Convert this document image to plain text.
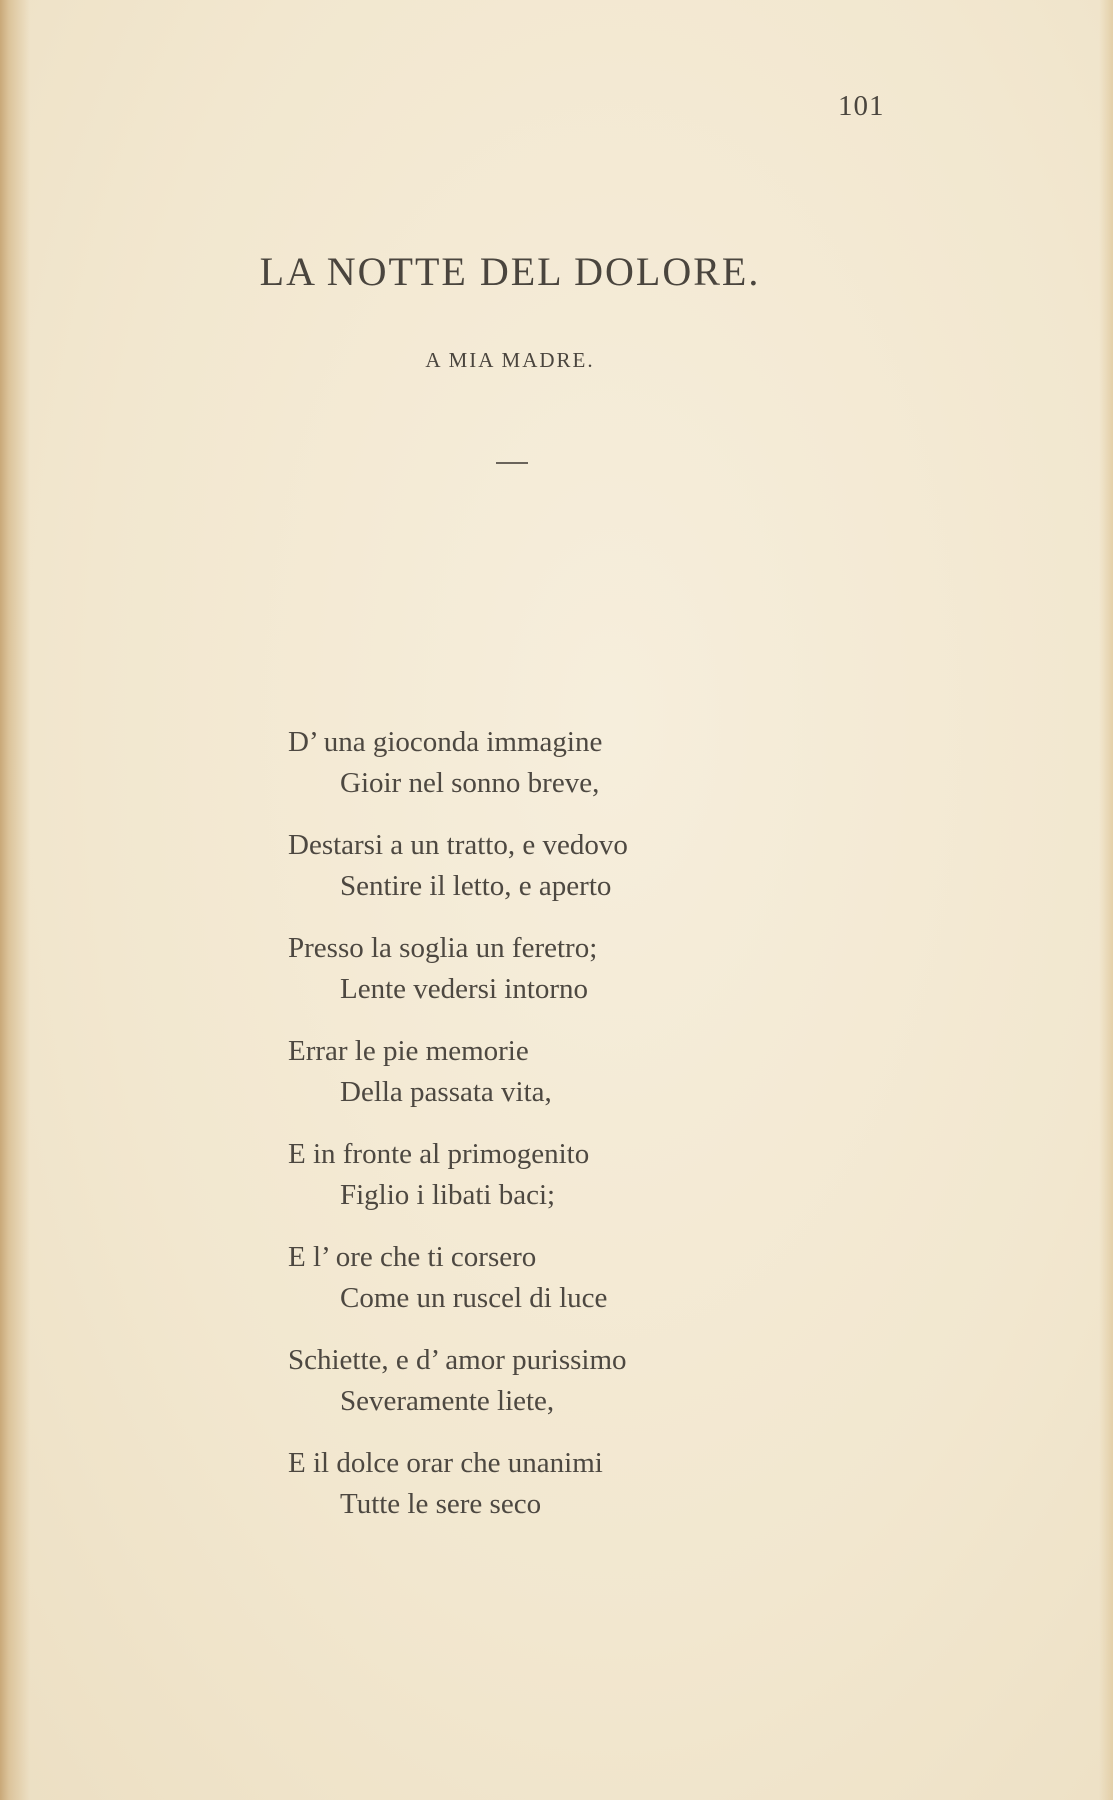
101
LA NOTTE DEL DOLORE.
A MIA MADRE.
D’ una gioconda immagine
Gioir nel sonno breve,
Destarsi a un tratto, e vedovo
Sentire il letto, e aperto
Presso la soglia un feretro;
Lente vedersi intorno
Errar le pie memorie
Della passata vita,
E in fronte al primogenito
Figlio i libati baci;
E l’ ore che ti corsero
Come un ruscel di luce
Schiette, e d’ amor purissimo
Severamente liete,
E il dolce orar che unanimi
Tutte le sere seco
